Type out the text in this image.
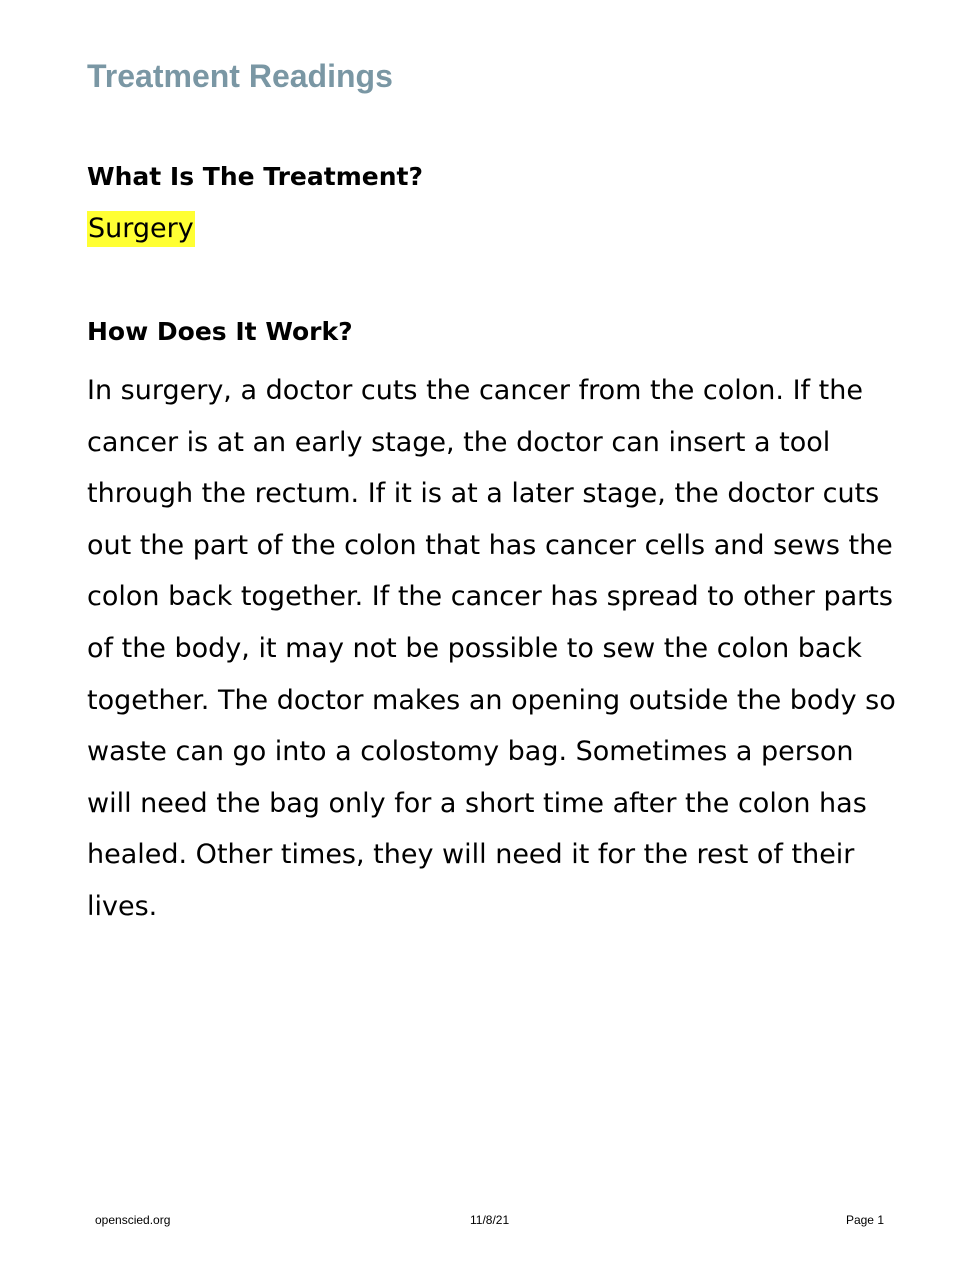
Treatment Readings
What Is The Treatment?

Surgery

How Does It Work?

In surgery, a doctor cuts the cancer from the colon. If the cancer is at an early stage, the doctor can insert a tool through the rectum. If it is at a later stage, the doctor cuts out the part of the colon that has cancer cells and sews the colon back together. If the cancer has spread to other parts of the body, it may not be possible to sew the colon back together. The doctor makes an opening outside the body so waste can go into a colostomy bag. Sometimes a person will need the bag only for a short time after the colon has healed. Other times, they will need it for the rest of their lives.

openscied.org	11/8/21	Page 1
